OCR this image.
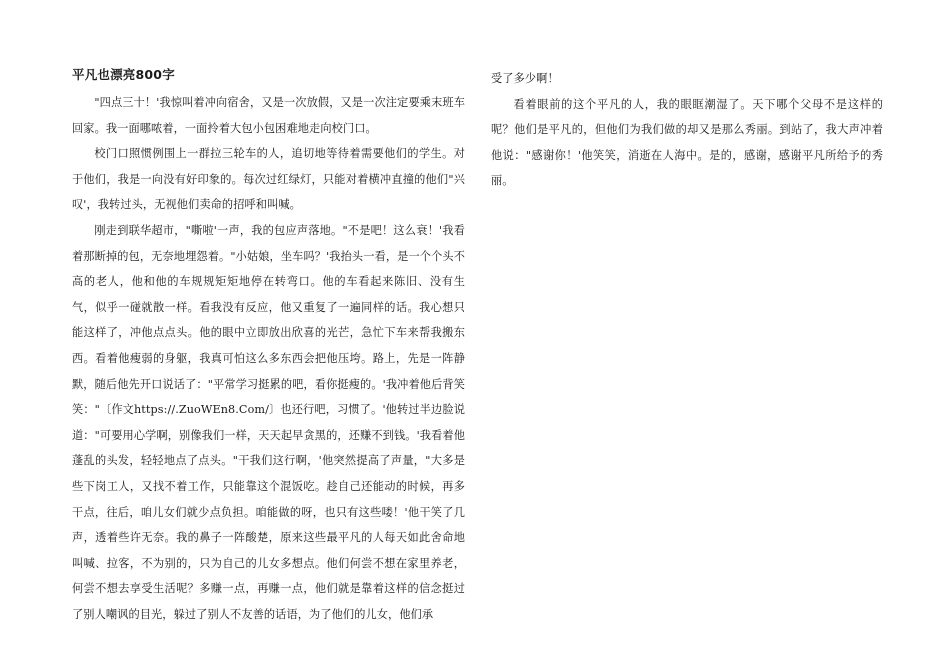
平凡也漂亮800字

"四点三十！'我惊叫着冲向宿舍，又是一次放假，又是一次注定要乘末班车回家。我一面哪哝着，一面拎着大包小包困难地走向校门口。

校门口照惯例围上一群拉三轮车的人，追切地等待着需要他们的学生。对于他们，我是一向没有好印象的。每次过红绿灯，只能对着横冲直撞的他们"兴叹'，我转过头，无视他们卖命的招呼和叫喊。

刚走到联华超市，"嘶啦'一声，我的包应声落地。"不是吧！这么衰！'我看着那断掉的包，无奈地埋怨着。"小姑娘，坐车吗？'我抬头一看，是一个个头不高的老人，他和他的车规规矩矩地停在转弯口。他的车看起来陈旧、没有生气，似乎一碰就散一样。看我没有反应，他又重复了一遍同样的话。我心想只能这样了，冲他点点头。他的眼中立即放出欣喜的光芒，急忙下车来帮我搬东西。看着他瘦弱的身躯，我真可怕这么多东西会把他压垮。路上，先是一阵静默，随后他先开口说话了："平常学习挺累的吧，看你挺瘦的。'我冲着他后背笑笑："〔作文https://.ZuoWEn8.Com/〕也还行吧，习惯了。'他转过半边脸说道："可要用心学啊，别像我们一样，天天起早贪黑的，还赚不到钱。'我看着他蓬乱的头发，轻轻地点了点头。"干我们这行啊，'他突然提高了声量，"大多是些下岗工人，又找不着工作，只能靠这个混饭吃。趁自己还能动的时候，再多干点，往后，咱儿女们就少点负担。咱能做的呀，也只有这些喽！'他干笑了几声，透着些许无奈。我的鼻子一阵酸楚，原来这些最平凡的人每天如此舍命地叫喊、拉客，不为别的，只为自己的儿女多想点。他们何尝不想在家里养老，何尝不想去享受生活呢？多赚一点，再赚一点，他们就是靠着这样的信念挺过了别人嘲讽的目光，躲过了别人不友善的话语，为了他们的儿女，他们承

受了多少啊！

看着眼前的这个平凡的人，我的眼眶潮湿了。天下哪个父母不是这样的呢？他们是平凡的，但他们为我们做的却又是那么秀丽。到站了，我大声冲着他说："感谢你！'他笑笑，消逝在人海中。是的，感谢，感谢平凡所给予的秀丽。
